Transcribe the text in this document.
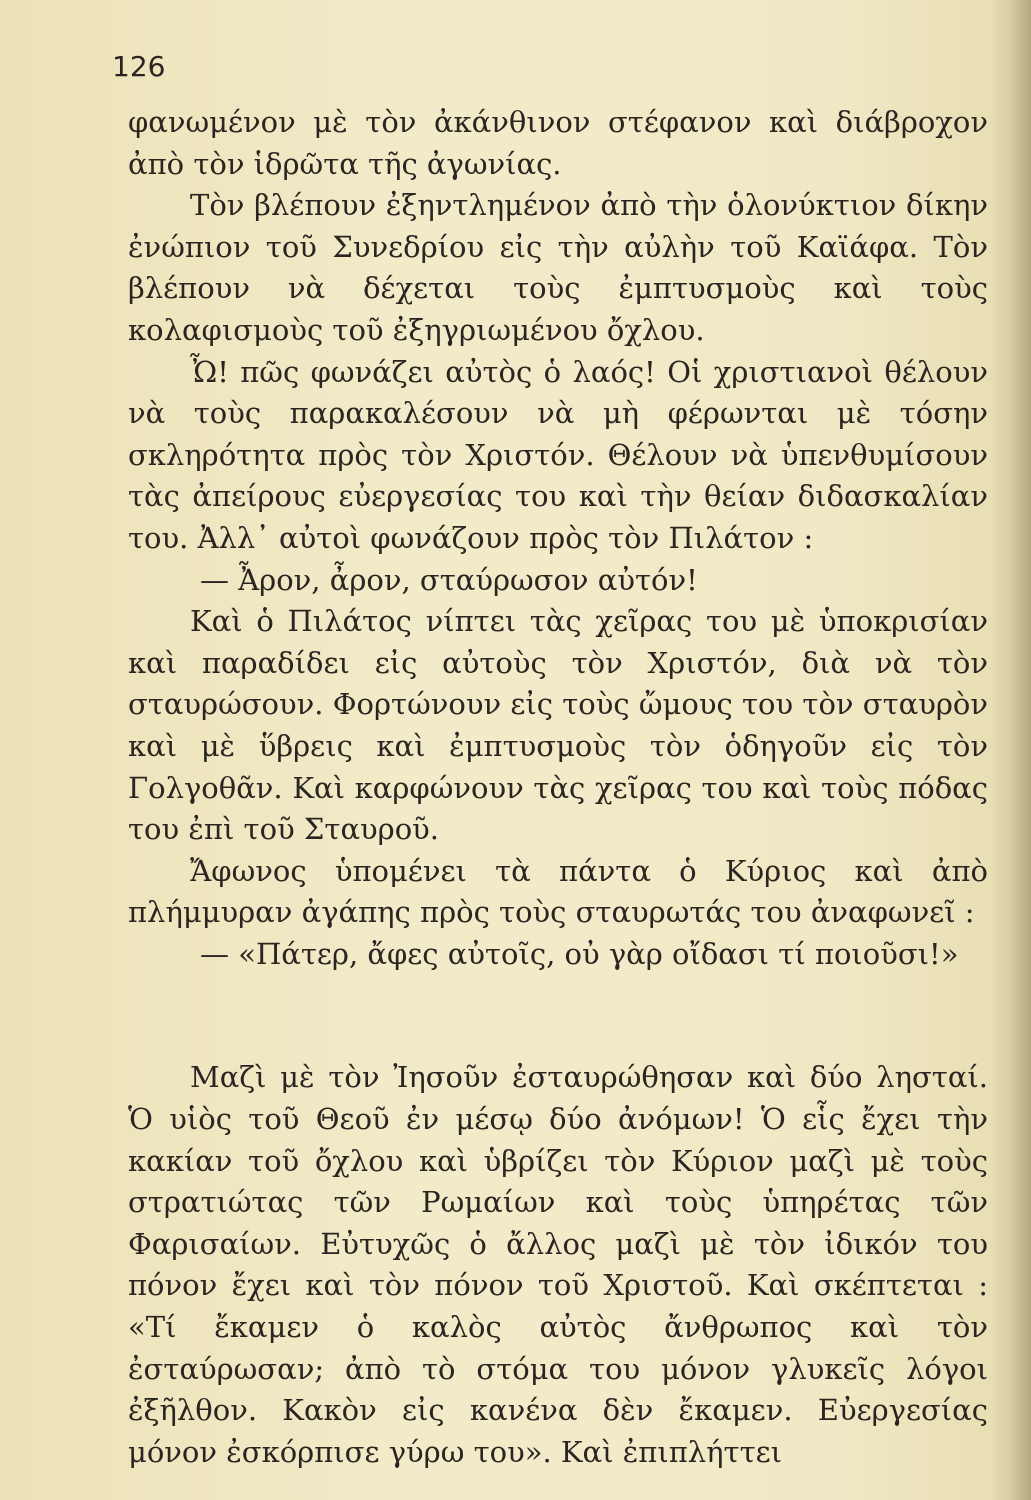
126

φανωμένον μὲ τὸν ἀκάνθινον στέφανον καὶ διάβροχον ἀπὸ τὸν ἱδρῶτα τῆς ἀγωνίας.

Τὸν βλέπουν ἐξηντλημένον ἀπὸ τὴν ὁλονύκτιον δίκην ἐνώπιον τοῦ Συνεδρίου εἰς τὴν αὐλὴν τοῦ Καϊάφα. Τὸν βλέπουν νὰ δέχεται τοὺς ἐμπτυσμοὺς καὶ τοὺς κολαφισμοὺς τοῦ ἐξηγριωμένου ὄχλου.

Ὦ! πῶς φωνάζει αὐτὸς ὁ λαός! Οἱ χριστιανοὶ θέλουν νὰ τοὺς παρακαλέσουν νὰ μὴ φέρωνται μὲ τόσην σκληρότητα πρὸς τὸν Χριστόν. Θέλουν νὰ ὑπενθυμίσουν τὰς ἀπείρους εὐεργεσίας του καὶ τὴν θείαν διδασκαλίαν του. Ἀλλ᾽ αὐτοὶ φωνάζουν πρὸς τὸν Πιλάτον :

— Ἆρον, ἆρον, σταύρωσον αὐτόν!

Καὶ ὁ Πιλάτος νίπτει τὰς χεῖρας του μὲ ὑποκρισίαν καὶ παραδίδει εἰς αὐτοὺς τὸν Χριστόν, διὰ νὰ τὸν σταυρώσουν. Φορτώνουν εἰς τοὺς ὤμους του τὸν σταυρὸν καὶ μὲ ὕβρεις καὶ ἐμπτυσμοὺς τὸν ὁδηγοῦν εἰς τὸν Γολγοθᾶν. Καὶ καρφώνουν τὰς χεῖρας του καὶ τοὺς πόδας του ἐπὶ τοῦ Σταυροῦ.

Ἄφωνος ὑπομένει τὰ πάντα ὁ Κύριος καὶ ἀπὸ πλήμμυραν ἀγάπης πρὸς τοὺς σταυρωτάς του ἀναφωνεῖ :

— «Πάτερ, ἄφες αὐτοῖς, οὐ γὰρ οἴδασι τί ποιοῦσι!»

Μαζὶ μὲ τὸν Ἰησοῦν ἐσταυρώθησαν καὶ δύο λησταί. Ὁ υἱὸς τοῦ Θεοῦ ἐν μέσῳ δύο ἀνόμων! Ὁ εἷς ἔχει τὴν κακίαν τοῦ ὄχλου καὶ ὑβρίζει τὸν Κύριον μαζὶ μὲ τοὺς στρατιώτας τῶν Ρωμαίων καὶ τοὺς ὑπηρέτας τῶν Φαρισαίων. Εὐτυχῶς ὁ ἄλλος μαζὶ μὲ τὸν ἰδικόν του πόνον ἔχει καὶ τὸν πόνον τοῦ Χριστοῦ. Καὶ σκέπτεται : «Τί ἔκαμεν ὁ καλὸς αὐτὸς ἄνθρωπος καὶ τὸν ἐσταύρωσαν; ἀπὸ τὸ στόμα του μόνον γλυκεῖς λόγοι ἐξῆλθον. Κακὸν εἰς κανένα δὲν ἔκαμεν. Εὐεργεσίας μόνον ἐσκόρπισε γύρω του». Καὶ ἐπιπλήττει
